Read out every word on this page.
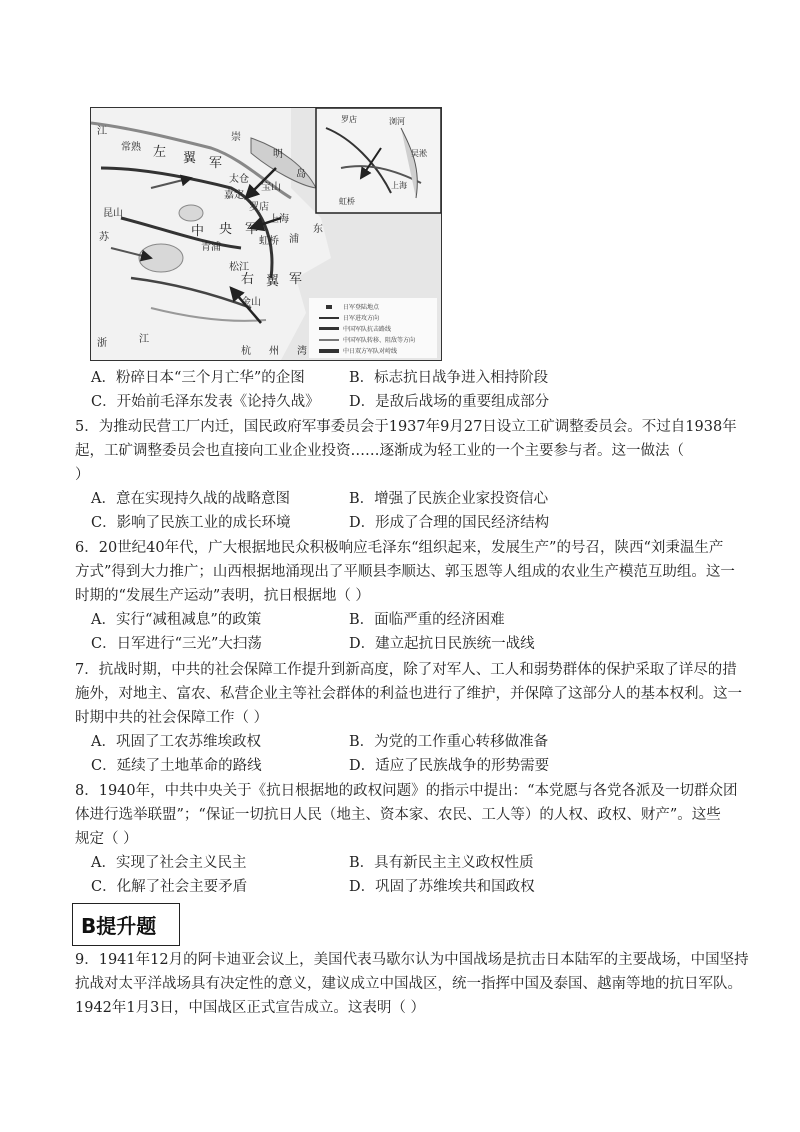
江
苏
常熟 左 翼 军
崇
明
岛
太仓
嘉定
宝山
罗店
中 央 军
虹桥
上海
浦
东
右 翼 军
松江
青浦
昆山
金山
浙	江
杭 州 湾
浏河
罗店
吴淞
上海
虹桥
日军登陆地点
日军进攻方向
中国军队抗击路线
中国军队转移、阻敌等方向
中日双方军队对峙线
A．粉碎日本“三个月亡华”的企图	B．标志抗日战争进入相持阶段
C．开始前毛泽东发表《论持久战》 D．是敌后战场的重要组成部分
5．为推动民营工厂内迁，国民政府军事委员会于1937年9月27日设立工矿调整委员会。不过自1938年
起，工矿调整委员会也直接向工业企业投资……逐渐成为轻工业的一个主要参与者。这一做法（
）
A．意在实现持久战的战略意图	B．增强了民族企业家投资信心
C．影响了民族工业的成长环境	D．形成了合理的国民经济结构
6．20世纪40年代，广大根据地民众积极响应毛泽东“组织起来，发展生产”的号召，陕西“刘秉温生产
方式”得到大力推广；山西根据地涌现出了平顺县李顺达、郭玉恩等人组成的农业生产模范互助组。这一
时期的“发展生产运动”表明，抗日根据地（ ）
A．实行“减租减息”的政策	B．面临严重的经济困难
C．日军进行“三光”大扫荡	D．建立起抗日民族统一战线
7．抗战时期，中共的社会保障工作提升到新高度，除了对军人、工人和弱势群体的保护采取了详尽的措
施外，对地主、富农、私营企业主等社会群体的利益也进行了维护，并保障了这部分人的基本权利。这一
时期中共的社会保障工作（ ）
A．巩固了工农苏维埃政权	B．为党的工作重心转移做准备
C．延续了土地革命的路线	D．适应了民族战争的形势需要
8．1940年，中共中央关于《抗日根据地的政权问题》的指示中提出：“本党愿与各党各派及一切群众团
体进行选举联盟”；“保证一切抗日人民（地主、资本家、农民、工人等）的人权、政权、财产”。这些
规定（ ）
A．实现了社会主义民主	B．具有新民主主义政权性质
C．化解了社会主要矛盾	D．巩固了苏维埃共和国政权
B提升题
9．1941年12月的阿卡迪亚会议上，美国代表马歇尔认为中国战场是抗击日本陆军的主要战场，中国坚持
抗战对太平洋战场具有决定性的意义，建议成立中国战区，统一指挥中国及泰国、越南等地的抗日军队。
1942年1月3日，中国战区正式宣告成立。这表明（ ）
